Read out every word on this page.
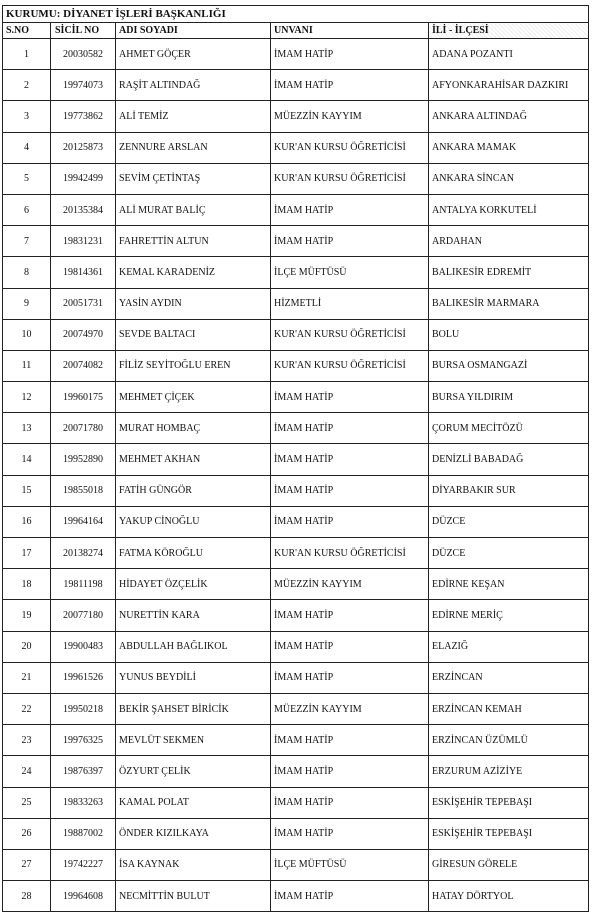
KURUMU: DİYANET İŞLERİ BAŞKANLIĞI
S.NO	SİCİL NO	ADI SOYADI	UNVANI	İLİ - İLÇESİ
1	20030582	AHMET GÖÇER	İMAM HATİP	ADANA POZANTI
2	19974073	RAŞİT ALTINDAĞ	İMAM HATİP	AFYONKARAHİSAR DAZKIRI
3	19773862	ALİ TEMİZ	MÜEZZİN KAYYIM	ANKARA ALTINDAĞ
4	20125873	ZENNURE ARSLAN	KUR'AN KURSU ÖĞRETİCİSİ	ANKARA MAMAK
5	19942499	SEVİM ÇETİNTAŞ	KUR'AN KURSU ÖĞRETİCİSİ	ANKARA SİNCAN
6	20135384	ALİ MURAT BALİÇ	İMAM HATİP	ANTALYA KORKUTELİ
7	19831231	FAHRETTİN ALTUN	İMAM HATİP	ARDAHAN
8	19814361	KEMAL KARADENİZ	İLÇE MÜFTÜSÜ	BALIKESİR EDREMİT
9	20051731	YASİN AYDIN	HİZMETLİ	BALIKESİR MARMARA
10	20074970	SEVDE BALTACI	KUR'AN KURSU ÖĞRETİCİSİ	BOLU
11	20074082	FİLİZ SEYİTOĞLU EREN	KUR'AN KURSU ÖĞRETİCİSİ	BURSA OSMANGAZİ
12	19960175	MEHMET ÇİÇEK	İMAM HATİP	BURSA YILDIRIM
13	20071780	MURAT HOMBAÇ	İMAM HATİP	ÇORUM MECİTÖZÜ
14	19952890	MEHMET AKHAN	İMAM HATİP	DENİZLİ BABADAĞ
15	19855018	FATİH GÜNGÖR	İMAM HATİP	DİYARBAKIR SUR
16	19964164	YAKUP CİNOĞLU	İMAM HATİP	DÜZCE
17	20138274	FATMA KÖROĞLU	KUR'AN KURSU ÖĞRETİCİSİ	DÜZCE
18	19811198	HİDAYET ÖZÇELİK	MÜEZZİN KAYYIM	EDİRNE KEŞAN
19	20077180	NURETTİN KARA	İMAM HATİP	EDİRNE MERİÇ
20	19900483	ABDULLAH BAĞLIKOL	İMAM HATİP	ELAZIĞ
21	19961526	YUNUS BEYDİLİ	İMAM HATİP	ERZİNCAN
22	19950218	BEKİR ŞAHSET BİRİCİK	MÜEZZİN KAYYIM	ERZİNCAN KEMAH
23	19976325	MEVLÜT SEKMEN	İMAM HATİP	ERZİNCAN ÜZÜMLÜ
24	19876397	ÖZYURT ÇELİK	İMAM HATİP	ERZURUM AZİZİYE
25	19833263	KAMAL POLAT	İMAM HATİP	ESKİŞEHİR TEPEBAŞI
26	19887002	ÖNDER KIZILKAYA	İMAM HATİP	ESKİŞEHİR TEPEBAŞI
27	19742227	İSA KAYNAK	İLÇE MÜFTÜSÜ	GİRESUN GÖRELE
28	19964608	NECMİTTİN BULUT	İMAM HATİP	HATAY DÖRTYOL
